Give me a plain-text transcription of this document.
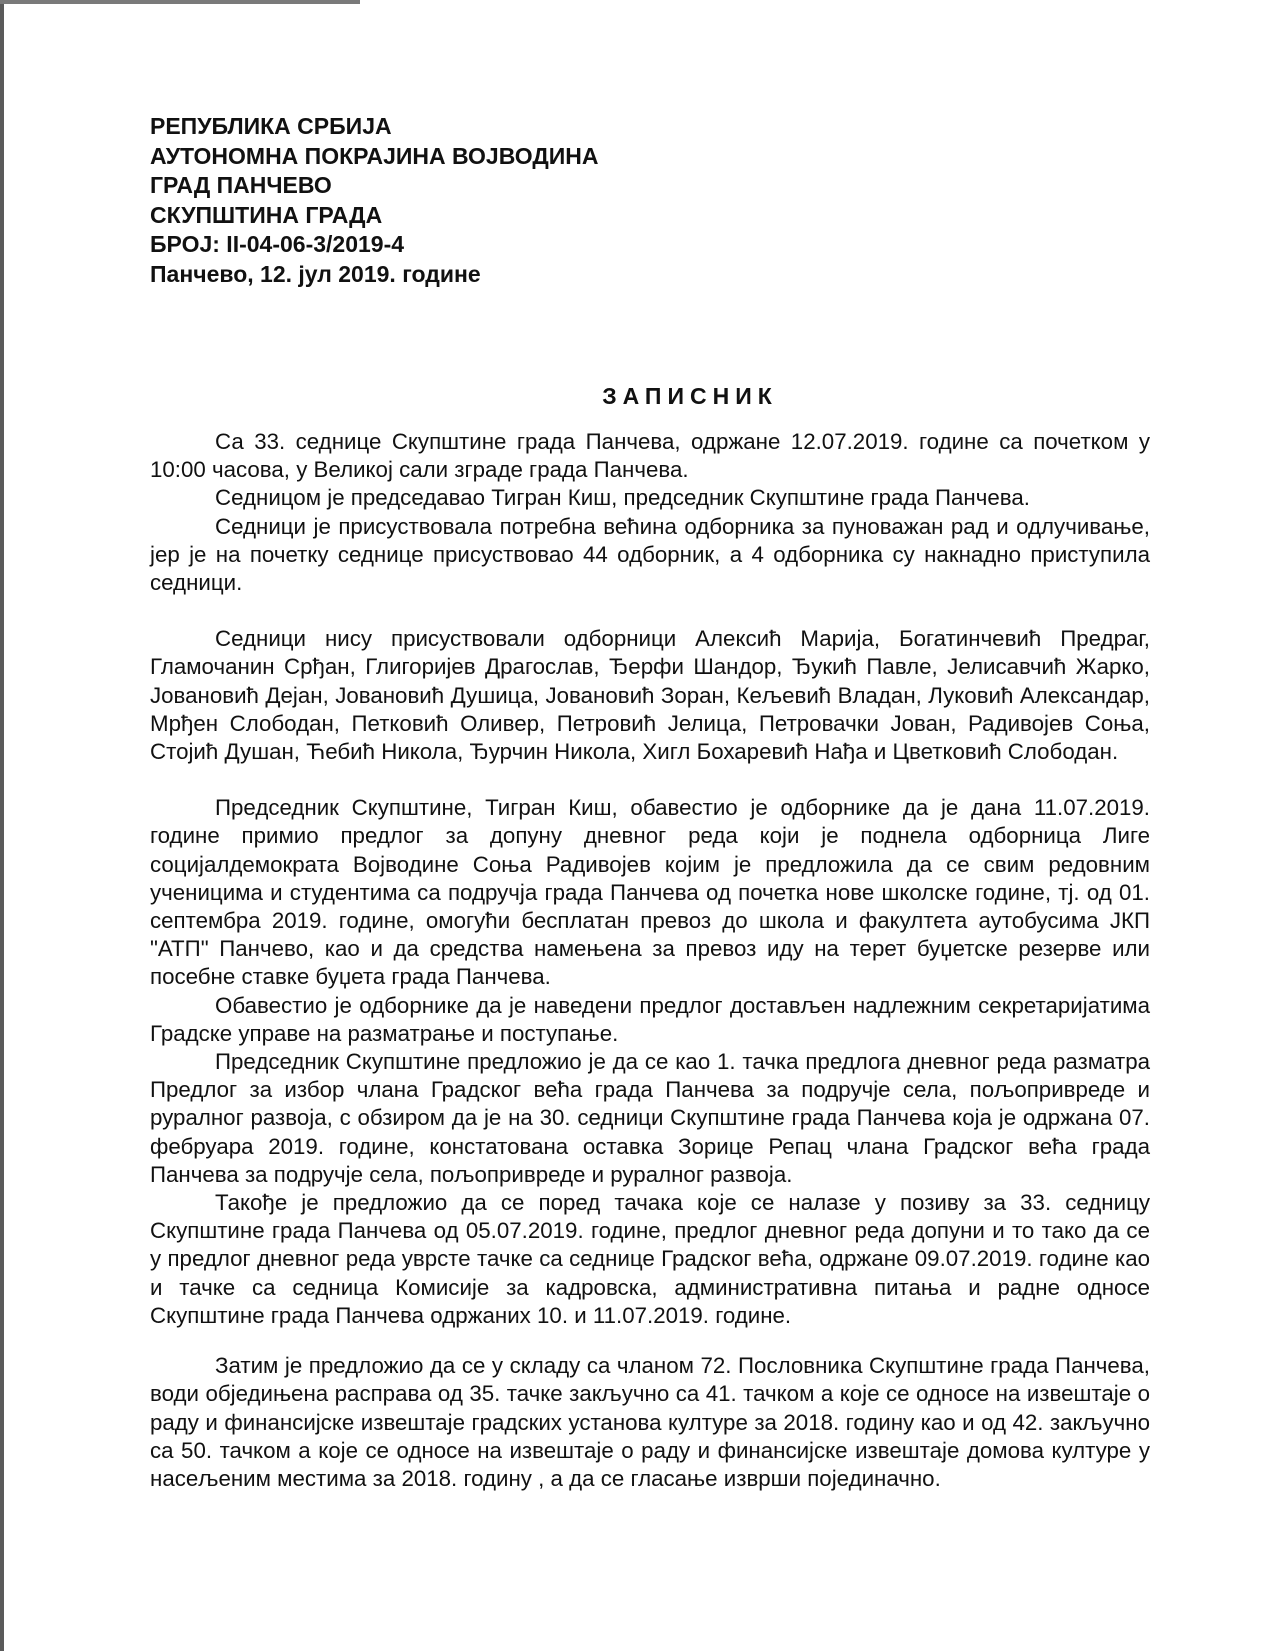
РЕПУБЛИКА СРБИЈА

АУТОНОМНА ПОКРАЈИНА ВОЈВОДИНА

ГРАД ПАНЧЕВО

СКУПШТИНА ГРАДА

БРОЈ: II-04-06-3/2019-4

Панчево, 12. јул 2019. године

ЗАПИСНИК

Са 33. седнице Скупштине града Панчева, одржане 12.07.2019. године са почетком у 10:00 часова, у Великој сали зграде града Панчева.

Седницом је председавао Тигран Киш, председник Скупштине града Панчева.

Седници је присуствовала потребна већина одборника за пуноважан рад и одлучивање, јер је на почетку седнице присуствовао 44 одборник, а 4 одборника су накнадно приступила седници.

Седници нису присуствовали одборници Алексић Марија, Богатинчевић Предраг, Гламочанин Срђан, Глигоријев Драгослав, Ђерфи Шандор, Ђукић Павле, Јелисавчић Жарко, Јовановић Дејан, Јовановић Душица, Јовановић Зоран, Кељевић Владан, Луковић Александар, Мрђен Слободан, Петковић Оливер, Петровић Јелица, Петровачки Јован, Радивојев Соња, Стојић Душан, Ћебић Никола, Ђурчин Никола, Хигл Бохаревић Нађа и Цветковић Слободан.

Председник Скупштине, Тигран Киш, обавестио је одборнике да је дана 11.07.2019. године примио предлог за допуну дневног реда који је поднела одборница Лиге социјалдемократа Војводине Соња Радивојев којим је предложила да се свим редовним ученицима и студентима са подручја града Панчева од почетка нове школске године, тј. од 01. септембра 2019. године, омогући бесплатан превоз до школа и факултета аутобусима ЈКП "АТП" Панчево, као и да средства намењена за превоз иду на терет буџетске резерве или посебне ставке буџета града Панчева.

Обавестио је одборнике да је наведени предлог достављен надлежним секретаријатима Градске управе на разматрање и поступање.

Председник Скупштине предложио је да се као 1. тачка предлога дневног реда разматра Предлог за избор члана Градског већа града Панчева за подручје села, пољопривреде и руралног развоја, с обзиром да је на 30. седници Скупштине града Панчева која је одржана 07. фебруара 2019. године, констатована оставка Зорице Репац члана Градског већа града Панчева за подручје села, пољопривреде и руралног развоја.

Такође је предложио да се поред тачака које се налазе у позиву за 33. седницу Скупштине града Панчева од 05.07.2019. године, предлог дневног реда допуни и то тако да се у предлог дневног реда уврсте тачке са седнице Градског већа, одржане 09.07.2019. године као и тачке са седница Комисије за кадровска, административна питања и радне односе Скупштине града Панчева одржаних 10. и 11.07.2019. године.

Затим је предложио да се у складу са чланом 72. Пословника Скупштине града Панчева, води обједињена расправа од 35. тачке закључно са 41. тачком а које се односе на извештаје о раду и финансијске извештаје градских установа културе за 2018. годину као и од 42. закључно са 50. тачком а које се односе на извештаје о раду и финансијске извештаје домова културе у насељеним местима за 2018. годину , а да се гласање изврши појединачно.
